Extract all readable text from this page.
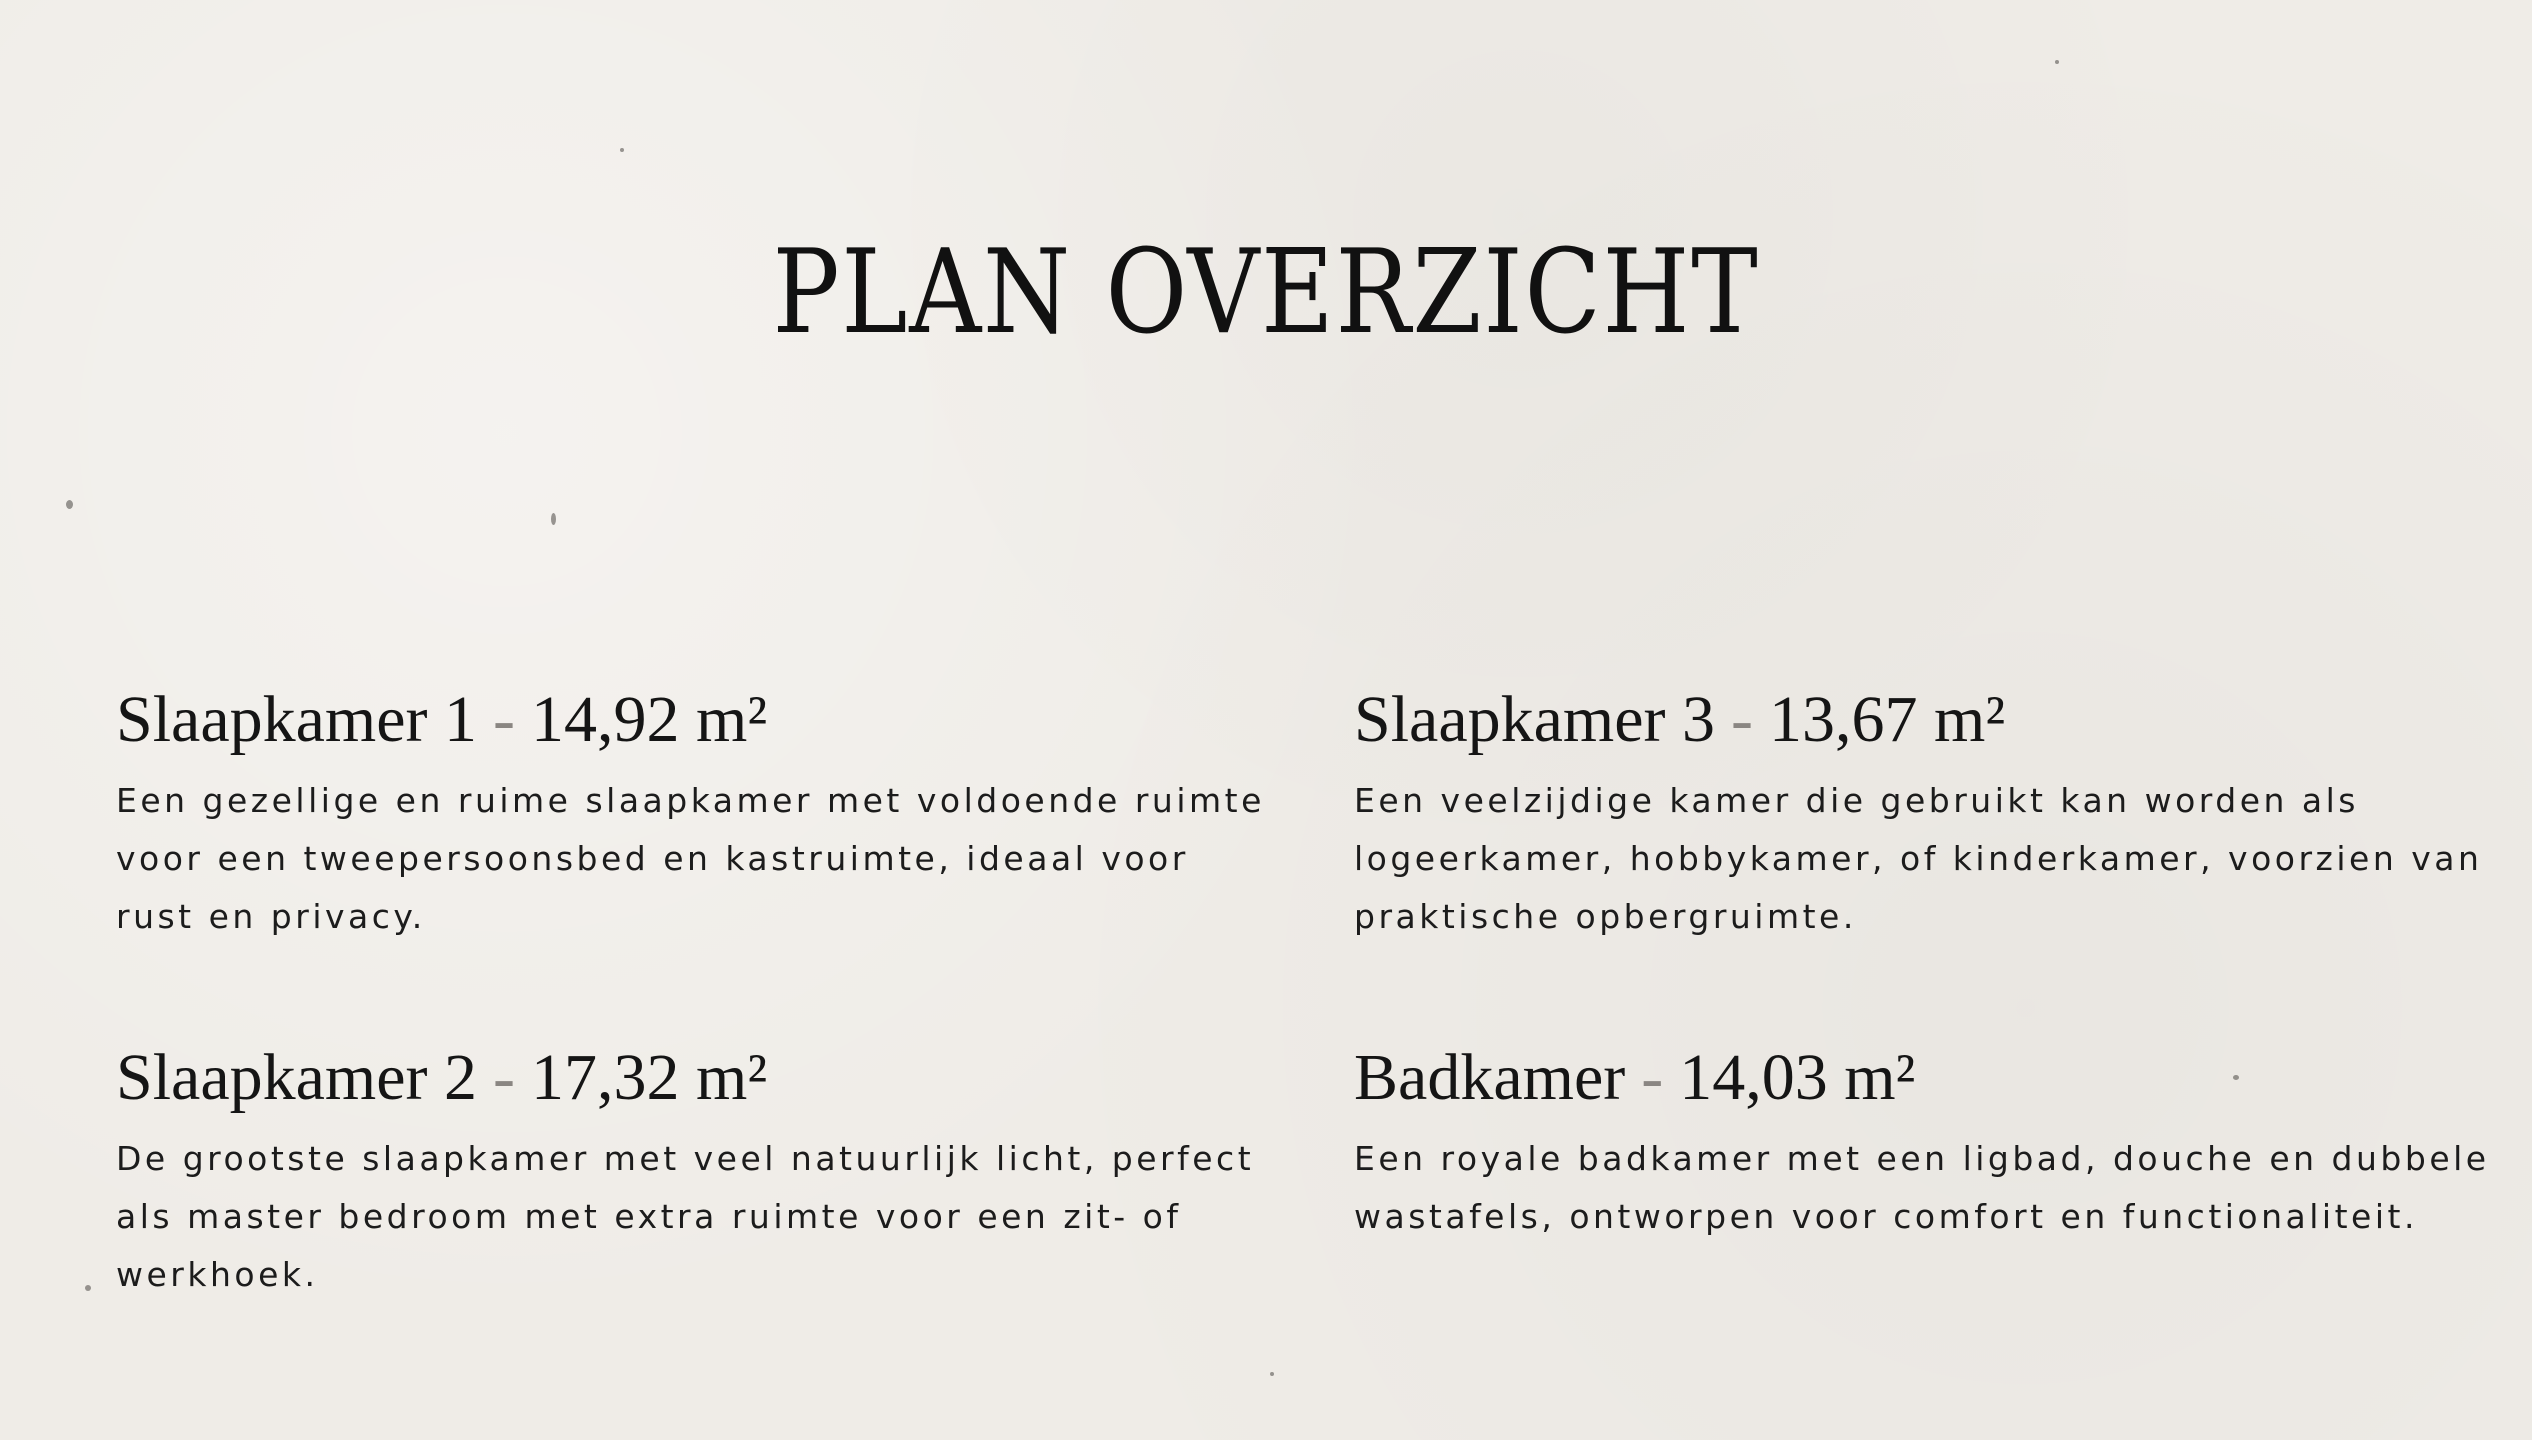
PLAN OVERZICHT
Slaapkamer 1 - 14,92 m²

Een gezellige en ruime slaapkamer met voldoende ruimte voor een tweepersoonsbed en kastruimte, ideaal voor rust en privacy.

Slaapkamer 3 - 13,67 m²

Een veelzijdige kamer die gebruikt kan worden als logeerkamer, hobbykamer, of kinderkamer, voorzien van praktische opbergruimte.

Slaapkamer 2 - 17,32 m²

De grootste slaapkamer met veel natuurlijk licht, perfect als master bedroom met extra ruimte voor een zit- of werkhoek.

Badkamer - 14,03 m²

Een royale badkamer met een ligbad, douche en dubbele wastafels, ontworpen voor comfort en functionaliteit.
